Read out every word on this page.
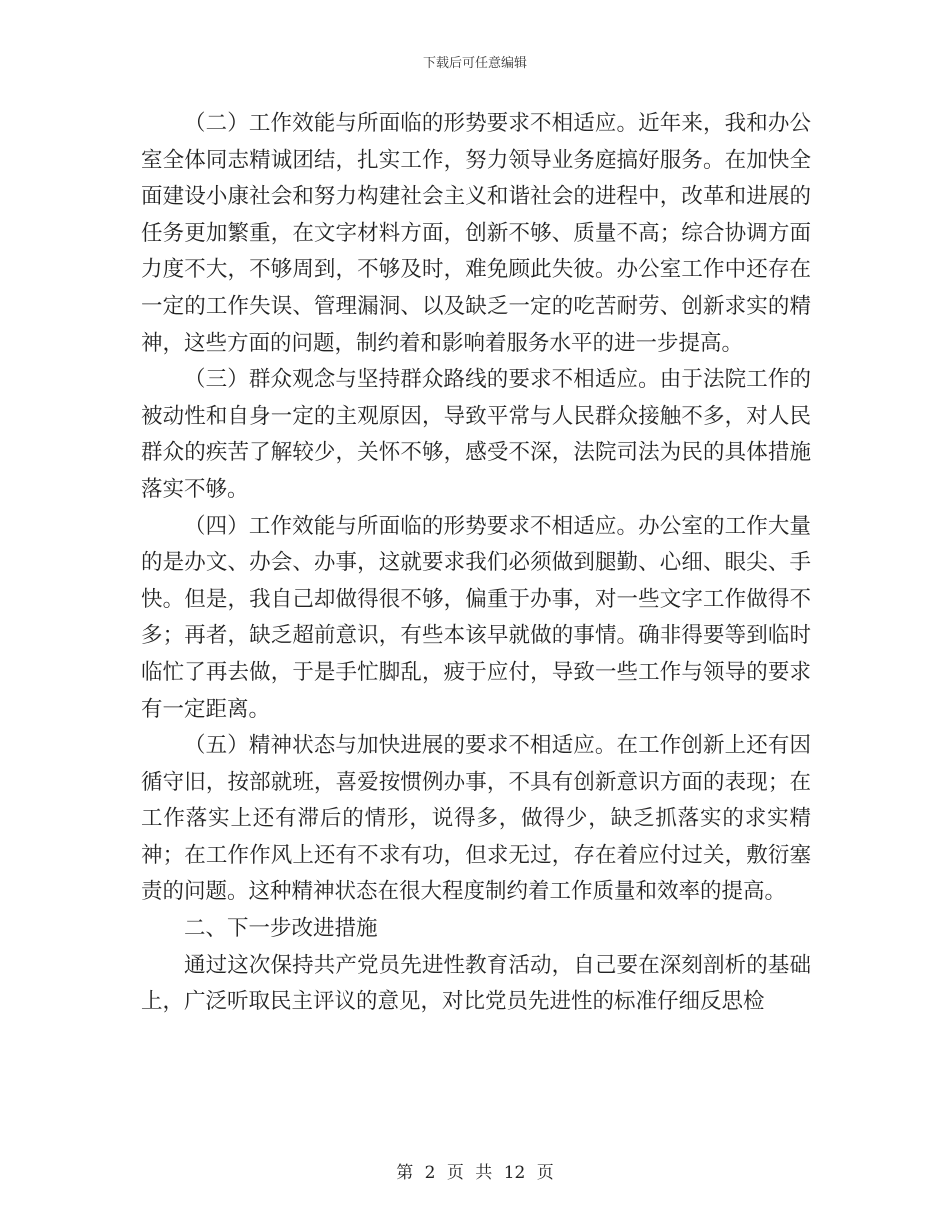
下载后可任意编辑

（二）工作效能与所面临的形势要求不相适应。近年来，我和办公室全体同志精诚团结，扎实工作，努力领导业务庭搞好服务。在加快全面建设小康社会和努力构建社会主义和谐社会的进程中，改革和进展的任务更加繁重，在文字材料方面，创新不够、质量不高；综合协调方面力度不大，不够周到，不够及时，难免顾此失彼。办公室工作中还存在一定的工作失误、管理漏洞、以及缺乏一定的吃苦耐劳、创新求实的精神，这些方面的问题，制约着和影响着服务水平的进一步提高。

（三）群众观念与坚持群众路线的要求不相适应。由于法院工作的被动性和自身一定的主观原因，导致平常与人民群众接触不多，对人民群众的疾苦了解较少，关怀不够，感受不深，法院司法为民的具体措施落实不够。

（四）工作效能与所面临的形势要求不相适应。办公室的工作大量的是办文、办会、办事，这就要求我们必须做到腿勤、心细、眼尖、手快。但是，我自己却做得很不够，偏重于办事，对一些文字工作做得不多；再者，缺乏超前意识，有些本该早就做的事情。确非得要等到临时临忙了再去做，于是手忙脚乱，疲于应付，导致一些工作与领导的要求有一定距离。

（五）精神状态与加快进展的要求不相适应。在工作创新上还有因循守旧，按部就班，喜爱按惯例办事，不具有创新意识方面的表现；在工作落实上还有滞后的情形，说得多，做得少，缺乏抓落实的求实精神；在工作作风上还有不求有功，但求无过，存在着应付过关，敷衍塞责的问题。这种精神状态在很大程度制约着工作质量和效率的提高。

二、下一步改进措施

通过这次保持共产党员先进性教育活动，自己要在深刻剖析的基础上，广泛听取民主评议的意见，对比党员先进性的标准仔细反思检

第 2 页 共 12 页
